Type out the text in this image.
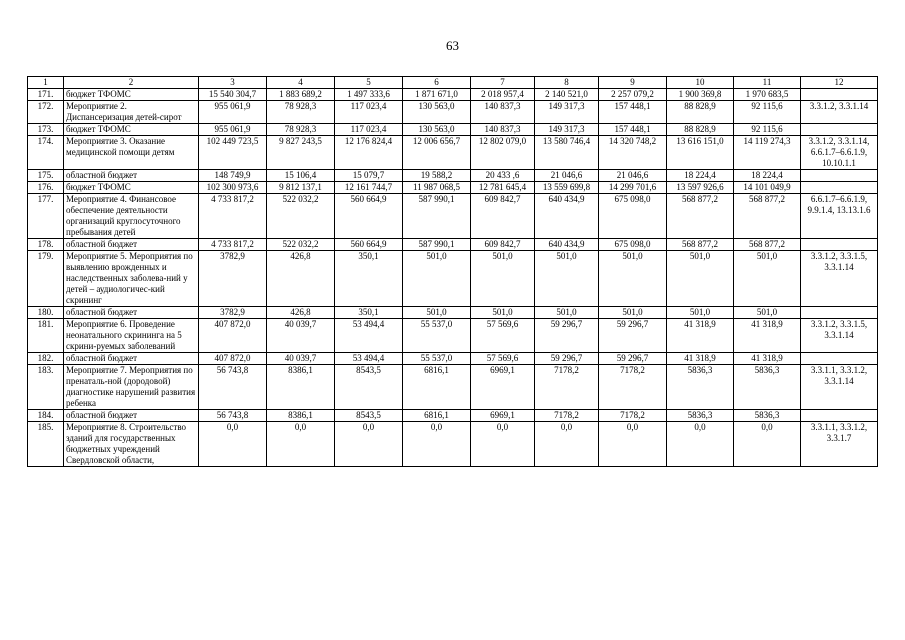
63
1	2	3	4	5	6	7	8	9	10	11	12
171.	бюджет ТФОМС	15 540 304,7	1 883 689,2	1 497 333,6	1 871 671,0	2 018 957,4	2 140 521,0	2 257 079,2	1 900 369,8	1 970 683,5	
172.	Мероприятие 2. Диспансеризация детей-сирот	955 061,9	78 928,3	117 023,4	130 563,0	140 837,3	149 317,3	157 448,1	88 828,9	92 115,6	3.3.1.2, 3.3.1.14
173.	бюджет ТФОМС	955 061,9	78 928,3	117 023,4	130 563,0	140 837,3	149 317,3	157 448,1	88 828,9	92 115,6	
174.	Мероприятие 3. Оказание медицинской помощи детям	102 449 723,5	9 827 243,5	12 176 824,4	12 006 656,7	12 802 079,0	13 580 746,4	14 320 748,2	13 616 151,0	14 119 274,3	3.3.1.2, 3.3.1.14, 6.6.1.7–6.6.1.9, 10.10.1.1
175.	областной бюджет	148 749,9	15 106,4	15 079,7	19 588,2	20 433 ,6	21 046,6	21 046,6	18 224,4	18 224,4	
176.	бюджет ТФОМС	102 300 973,6	9 812 137,1	12 161 744,7	11 987 068,5	12 781 645,4	13 559 699,8	14 299 701,6	13 597 926,6	14 101 049,9	
177.	Мероприятие 4. Финансовое обеспечение деятельности организаций круглосуточного пребывания детей	4 733 817,2	522 032,2	560 664,9	587 990,1	609 842,7	640 434,9	675 098,0	568 877,2	568 877,2	6.6.1.7–6.6.1.9, 9.9.1.4, 13.13.1.6
178.	областной бюджет	4 733 817,2	522 032,2	560 664,9	587 990,1	609 842,7	640 434,9	675 098,0	568 877,2	568 877,2	
179.	Мероприятие 5. Мероприятия по выявлению врожденных и наследственных заболева-ний у детей – аудиологичес-кий скрининг	3782,9	426,8	350,1	501,0	501,0	501,0	501,0	501,0	501,0	3.3.1.2, 3.3.1.5, 3.3.1.14
180.	областной бюджет	3782,9	426,8	350,1	501,0	501,0	501,0	501,0	501,0	501,0	
181.	Мероприятие 6. Проведение неонатального скрининга на 5 скрини-руемых заболеваний	407 872,0	40 039,7	53 494,4	55 537,0	57 569,6	59 296,7	59 296,7	41 318,9	41 318,9	3.3.1.2, 3.3.1.5, 3.3.1.14
182.	областной бюджет	407 872,0	40 039,7	53 494,4	55 537,0	57 569,6	59 296,7	59 296,7	41 318,9	41 318,9	
183.	Мероприятие 7. Мероприятия по пренаталь-ной (дородовой) диагностике нарушений развития ребенка	56 743,8	8386,1	8543,5	6816,1	6969,1	7178,2	7178,2	5836,3	5836,3	3.3.1.1, 3.3.1.2, 3.3.1.14
184.	областной бюджет	56 743,8	8386,1	8543,5	6816,1	6969,1	7178,2	7178,2	5836,3	5836,3	
185.	Мероприятие 8. Строительство зданий для государственных бюджетных учреждений Свердловской области,	0,0	0,0	0,0	0,0	0,0	0,0	0,0	0,0	0,0	3.3.1.1, 3.3.1.2, 3.3.1.7
